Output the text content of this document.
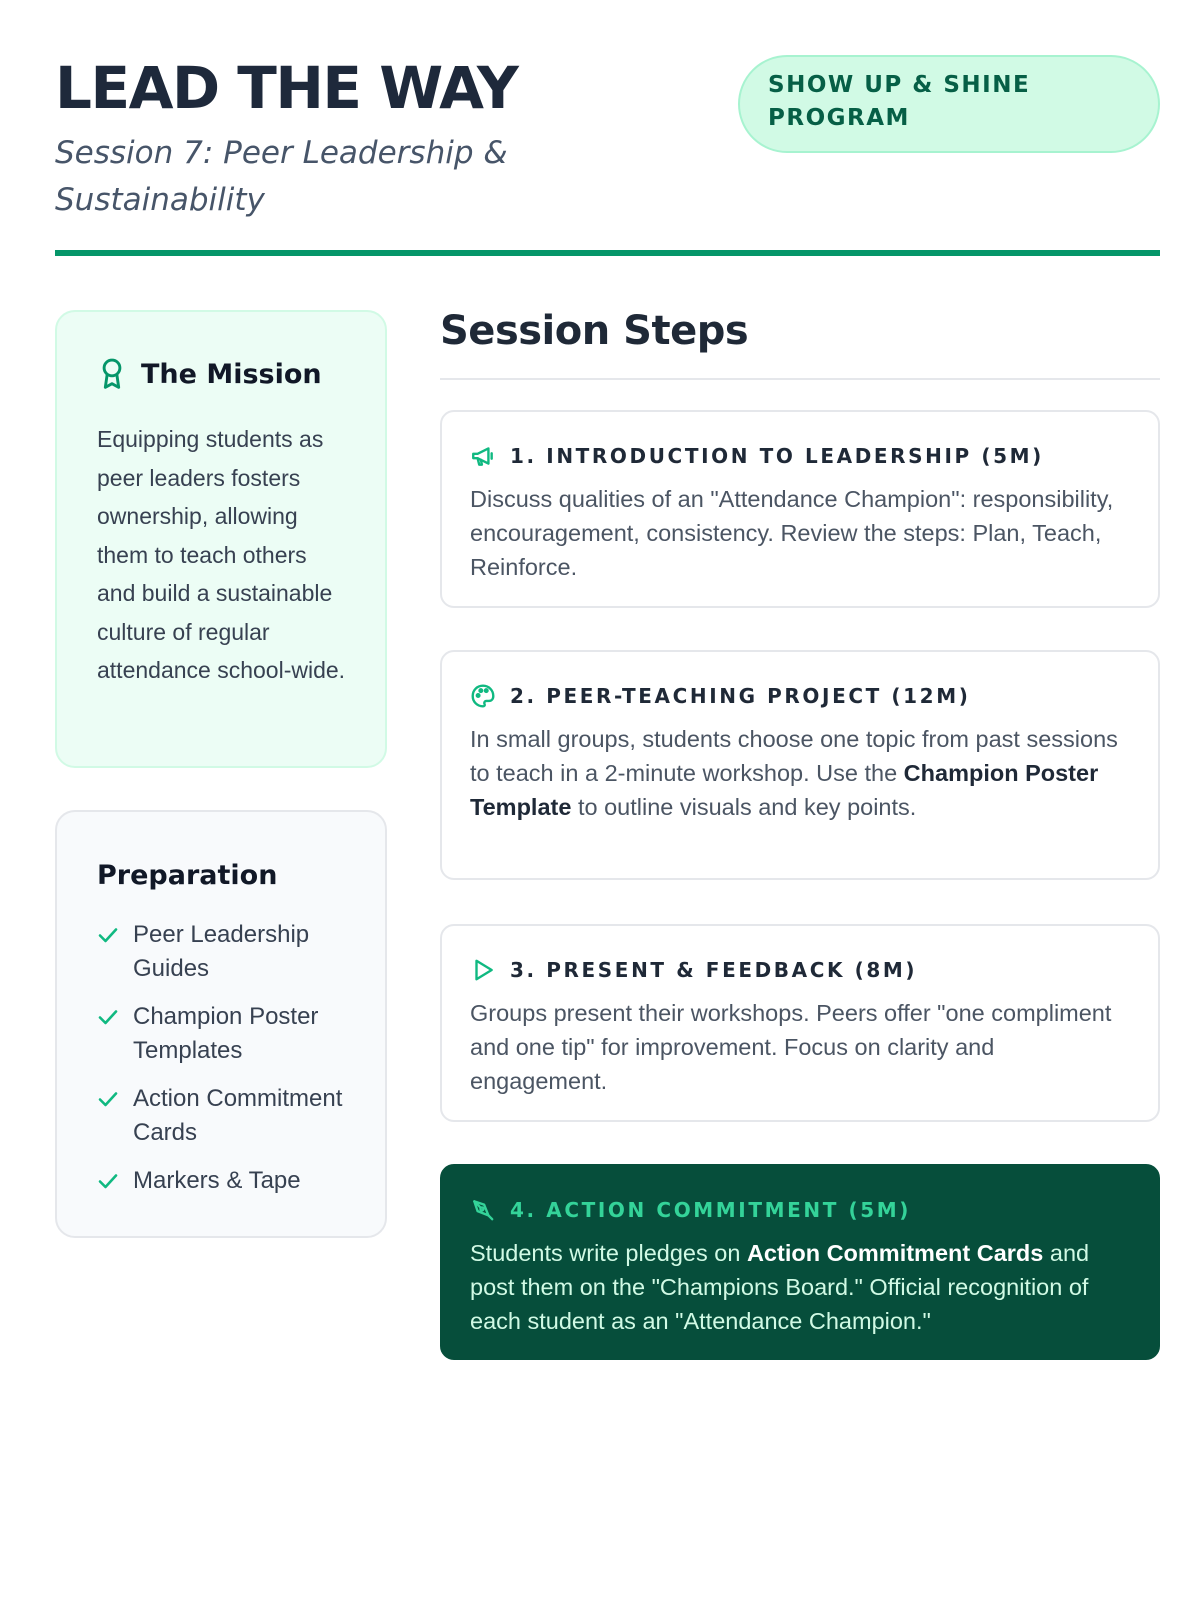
LEAD THE WAY
Session 7: Peer Leadership & Sustainability
SHOW UP & SHINE
PROGRAM
The Mission

Equipping students as peer leaders fosters ownership, allowing them to teach others and build a sustainable culture of regular attendance school-wide.

Preparation
Peer Leadership Guides
Champion Poster Templates
Action Commitment Cards
Markers & Tape
Session Steps
1. INTRODUCTION TO LEADERSHIP (5M)

Discuss qualities of an "Attendance Champion": responsibility, encouragement, consistency. Review the steps: Plan, Teach, Reinforce.

2. PEER-TEACHING PROJECT (12M)

In small groups, students choose one topic from past sessions to teach in a 2-minute workshop. Use the Champion Poster Template to outline visuals and key points.

3. PRESENT & FEEDBACK (8M)

Groups present their workshops. Peers offer "one compliment and one tip" for improvement. Focus on clarity and engagement.

4. ACTION COMMITMENT (5M)

Students write pledges on Action Commitment Cards and post them on the "Champions Board." Official recognition of each student as an "Attendance Champion."
